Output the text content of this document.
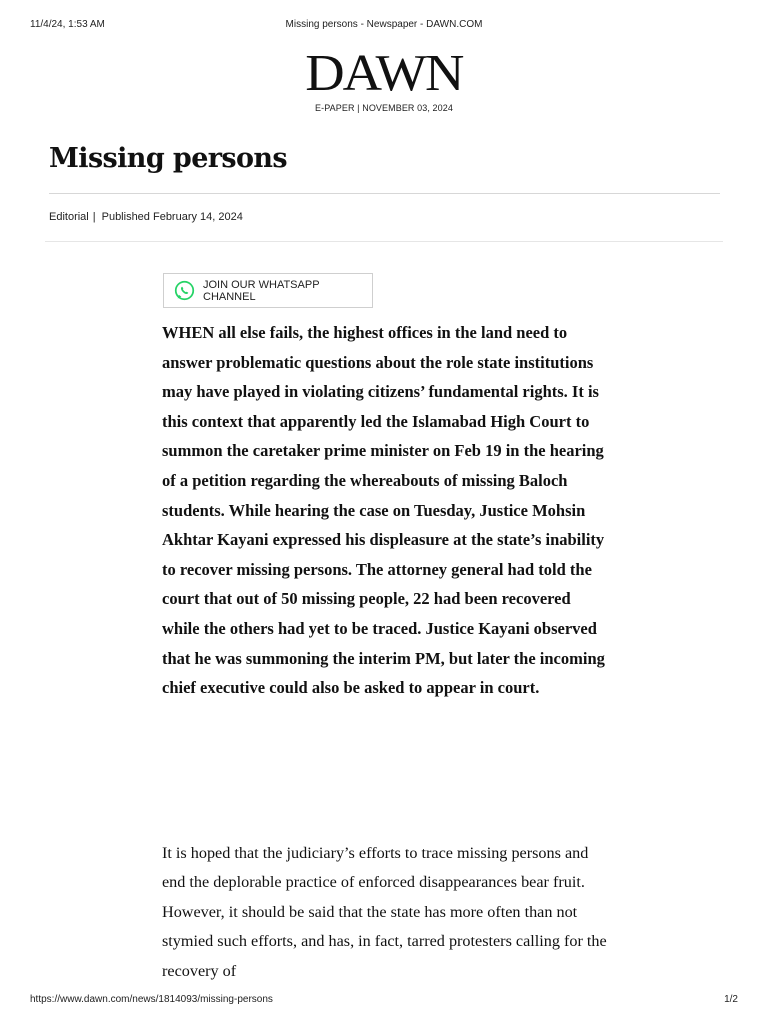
11/4/24, 1:53 AM	Missing persons - Newspaper - DAWN.COM
DAWN
E-PAPER | NOVEMBER 03, 2024
Missing persons
Editorial | Published February 14, 2024
JOIN OUR WHATSAPP CHANNEL

WHEN all else fails, the highest offices in the land need to answer problematic questions about the role state institutions may have played in violating citizens’ fundamental rights. It is this context that apparently led the Islamabad High Court to summon the caretaker prime minister on Feb 19 in the hearing of a petition regarding the whereabouts of missing Baloch students. While hearing the case on Tuesday, Justice Mohsin Akhtar Kayani expressed his displeasure at the state’s inability to recover missing persons. The attorney general had told the court that out of 50 missing people, 22 had been recovered while the others had yet to be traced. Justice Kayani observed that he was summoning the interim PM, but later the incoming chief executive could also be asked to appear in court.

It is hoped that the judiciary’s efforts to trace missing persons and end the deplorable practice of enforced disappearances bear fruit. However, it should be said that the state has more often than not stymied such efforts, and has, in fact, tarred protesters calling for the recovery of

https://www.dawn.com/news/1814093/missing-persons	1/2
